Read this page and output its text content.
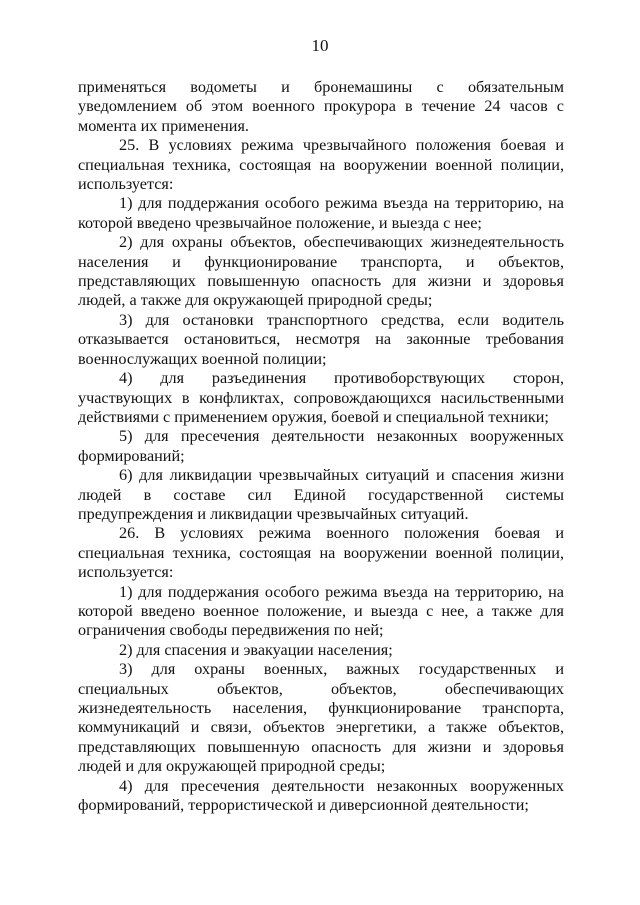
10

применяться водометы и бронемашины с обязательным уведомлением об этом военного прокурора в течение 24 часов с момента их применения.

25. В условиях режима чрезвычайного положения боевая и специальная техника, состоящая на вооружении военной полиции, используется:

1) для поддержания особого режима въезда на территорию, на которой введено чрезвычайное положение, и выезда с нее;

2) для охраны объектов, обеспечивающих жизнедеятельность населения и функционирование транспорта, и объектов, представляющих повышенную опасность для жизни и здоровья людей, а также для окружающей природной среды;

3) для остановки транспортного средства, если водитель отказывается остановиться, несмотря на законные требования военнослужащих военной полиции;

4) для разъединения противоборствующих сторон, участвующих в конфликтах, сопровождающихся насильственными действиями с применением оружия, боевой и специальной техники;

5) для пресечения деятельности незаконных вооруженных формирований;

6) для ликвидации чрезвычайных ситуаций и спасения жизни людей в составе сил Единой государственной системы предупреждения и ликвидации чрезвычайных ситуаций.

26. В условиях режима военного положения боевая и специальная техника, состоящая на вооружении военной полиции, используется:

1) для поддержания особого режима въезда на территорию, на которой введено военное положение, и выезда с нее, а также для ограничения свободы передвижения по ней;

2) для спасения и эвакуации населения;

3) для охраны военных, важных государственных и специальных объектов, объектов, обеспечивающих жизнедеятельность населения, функционирование транспорта, коммуникаций и связи, объектов энергетики, а также объектов, представляющих повышенную опасность для жизни и здоровья людей и для окружающей природной среды;

4) для пресечения деятельности незаконных вооруженных формирований, террористической и диверсионной деятельности;
